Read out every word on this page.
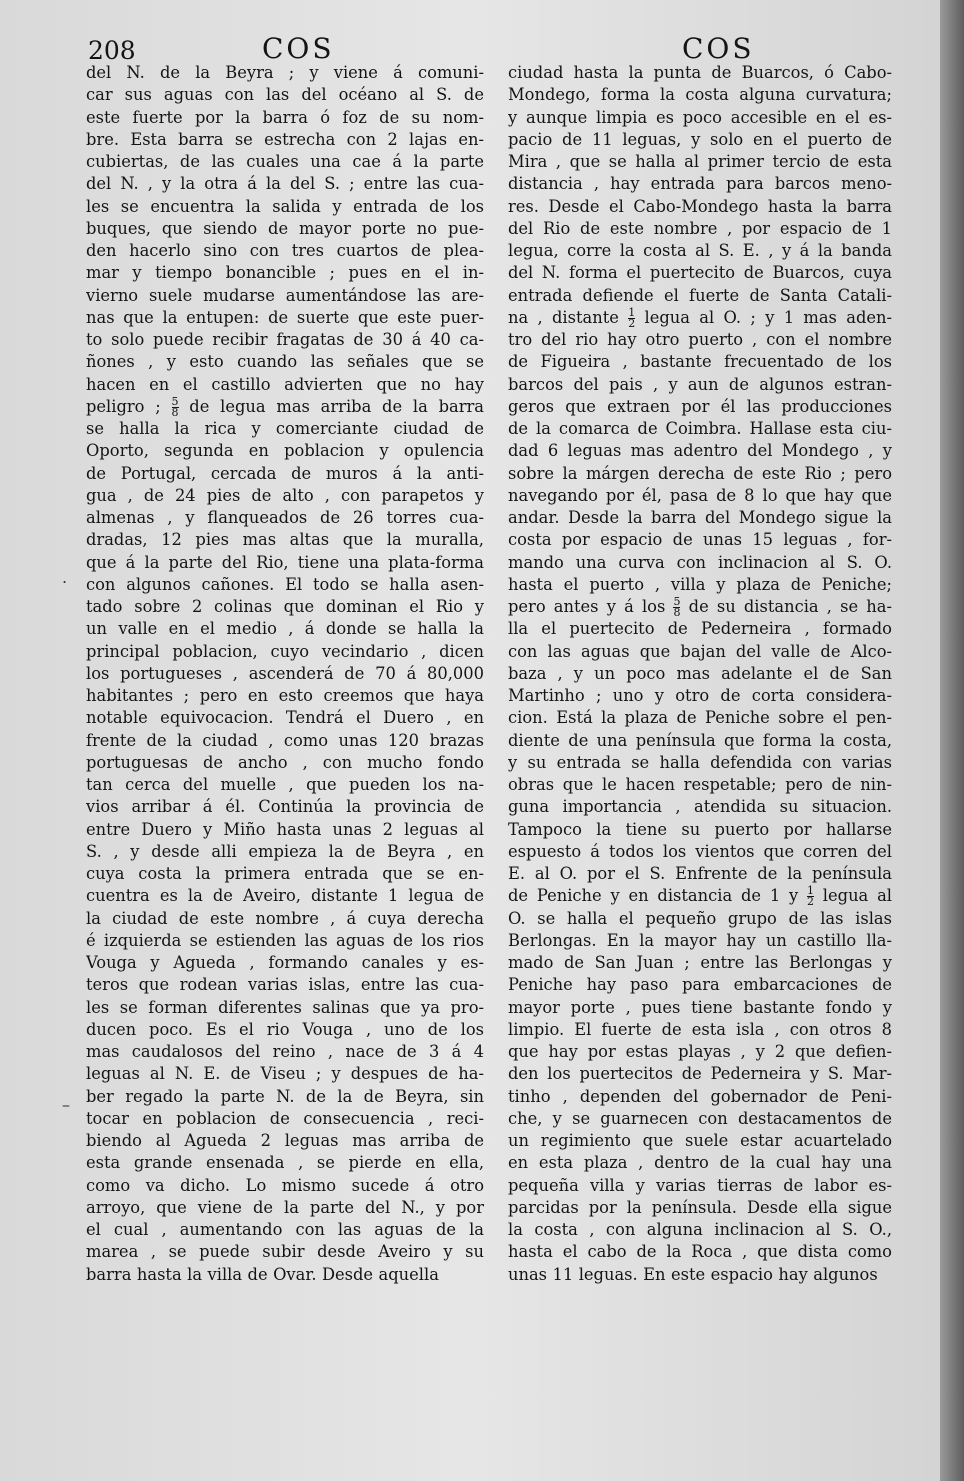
208	COS	COS
del N. de la Beyra ; y viene á comuni-
car sus aguas con las del océano al S. de
este fuerte por la barra ó foz de su nom-
bre. Esta barra se estrecha con 2 lajas en-
cubiertas, de las cuales una cae á la parte
del N. , y la otra á la del S. ; entre las cua-
les se encuentra la salida y entrada de los
buques, que siendo de mayor porte no pue-
den hacerlo sino con tres cuartos de plea-
mar y tiempo bonancible ; pues en el in-
vierno suele mudarse aumentándose las are-
nas que la entupen: de suerte que este puer-
to solo puede recibir fragatas de 30 á 40 ca-
ñones , y esto cuando las señales que se
hacen en el castillo advierten que no hay
peligro ; $\frac{5}{8}$ de legua mas arriba de la barra
se halla la rica y comerciante ciudad de
Oporto, segunda en poblacion y opulencia
de Portugal, cercada de muros á la anti-
gua , de 24 pies de alto , con parapetos y
almenas , y flanqueados de 26 torres cua-
dradas, 12 pies mas altas que la muralla,
que á la parte del Rio, tiene una plata-forma
con algunos cañones. El todo se halla asen-
tado sobre 2 colinas que dominan el Rio y
un valle en el medio , á donde se halla la
principal poblacion, cuyo vecindario , dicen
los portugueses , ascenderá de 70 á 80,000
habitantes ; pero en esto creemos que haya
notable equivocacion. Tendrá el Duero , en
frente de la ciudad , como unas 120 brazas
portuguesas de ancho , con mucho fondo
tan cerca del muelle , que pueden los na-
vios arribar á él. Continúa la provincia de
entre Duero y Miño hasta unas 2 leguas al
S. , y desde alli empieza la de Beyra , en
cuya costa la primera entrada que se en-
cuentra es la de Aveiro, distante 1 legua de
la ciudad de este nombre , á cuya derecha
é izquierda se estienden las aguas de los rios
Vouga y Agueda , formando canales y es-
teros que rodean varias islas, entre las cua-
les se forman diferentes salinas que ya pro-
ducen poco. Es el rio Vouga , uno de los
mas caudalosos del reino , nace de 3 á 4
leguas al N. E. de Viseu ; y despues de ha-
ber regado la parte N. de la de Beyra, sin
tocar en poblacion de consecuencia , reci-
biendo al Agueda 2 leguas mas arriba de
esta grande ensenada , se pierde en ella,
como va dicho. Lo mismo sucede á otro
arroyo, que viene de la parte del N., y por
el cual , aumentando con las aguas de la
marea , se puede subir desde Aveiro y su
barra hasta la villa de Ovar. Desde aquella
ciudad hasta la punta de Buarcos, ó Cabo-
Mondego, forma la costa alguna curvatura;
y aunque limpia es poco accesible en el es-
pacio de 11 leguas, y solo en el puerto de
Mira , que se halla al primer tercio de esta
distancia , hay entrada para barcos meno-
res. Desde el Cabo-Mondego hasta la barra
del Rio de este nombre , por espacio de 1
legua, corre la costa al S. E. , y á la banda
del N. forma el puertecito de Buarcos, cuya
entrada defiende el fuerte de Santa Catali-
na , distante $\frac{1}{2}$ legua al O. ; y 1 mas aden-
tro del rio hay otro puerto , con el nombre
de Figueira , bastante frecuentado de los
barcos del pais , y aun de algunos estran-
geros que extraen por él las producciones
de la comarca de Coimbra. Hallase esta ciu-
dad 6 leguas mas adentro del Mondego , y
sobre la márgen derecha de este Rio ; pero
navegando por él, pasa de 8 lo que hay que
andar. Desde la barra del Mondego sigue la
costa por espacio de unas 15 leguas , for-
mando una curva con inclinacion al S. O.
hasta el puerto , villa y plaza de Peniche;
pero antes y á los $\frac{5}{8}$ de su distancia , se ha-
lla el puertecito de Pederneira , formado
con las aguas que bajan del valle de Alco-
baza , y un poco mas adelante el de San
Martinho ; uno y otro de corta considera-
cion. Está la plaza de Peniche sobre el pen-
diente de una península que forma la costa,
y su entrada se halla defendida con varias
obras que le hacen respetable; pero de nin-
guna importancia , atendida su situacion.
Tampoco la tiene su puerto por hallarse
espuesto á todos los vientos que corren del
E. al O. por el S. Enfrente de la península
de Peniche y en distancia de 1 y $\frac{1}{2}$ legua al
O. se halla el pequeño grupo de las islas
Berlongas. En la mayor hay un castillo lla-
mado de San Juan ; entre las Berlongas y
Peniche hay paso para embarcaciones de
mayor porte , pues tiene bastante fondo y
limpio. El fuerte de esta isla , con otros 8
que hay por estas playas , y 2 que defien-
den los puertecitos de Pederneira y S. Mar-
tinho , dependen del gobernador de Peni-
che, y se guarnecen con destacamentos de
un regimiento que suele estar acuartelado
en esta plaza , dentro de la cual hay una
pequeña villa y varias tierras de labor es-
parcidas por la península. Desde ella sigue
la costa , con alguna inclinacion al S. O.,
hasta el cabo de la Roca , que dista como
unas 11 leguas. En este espacio hay algunos
.
–
